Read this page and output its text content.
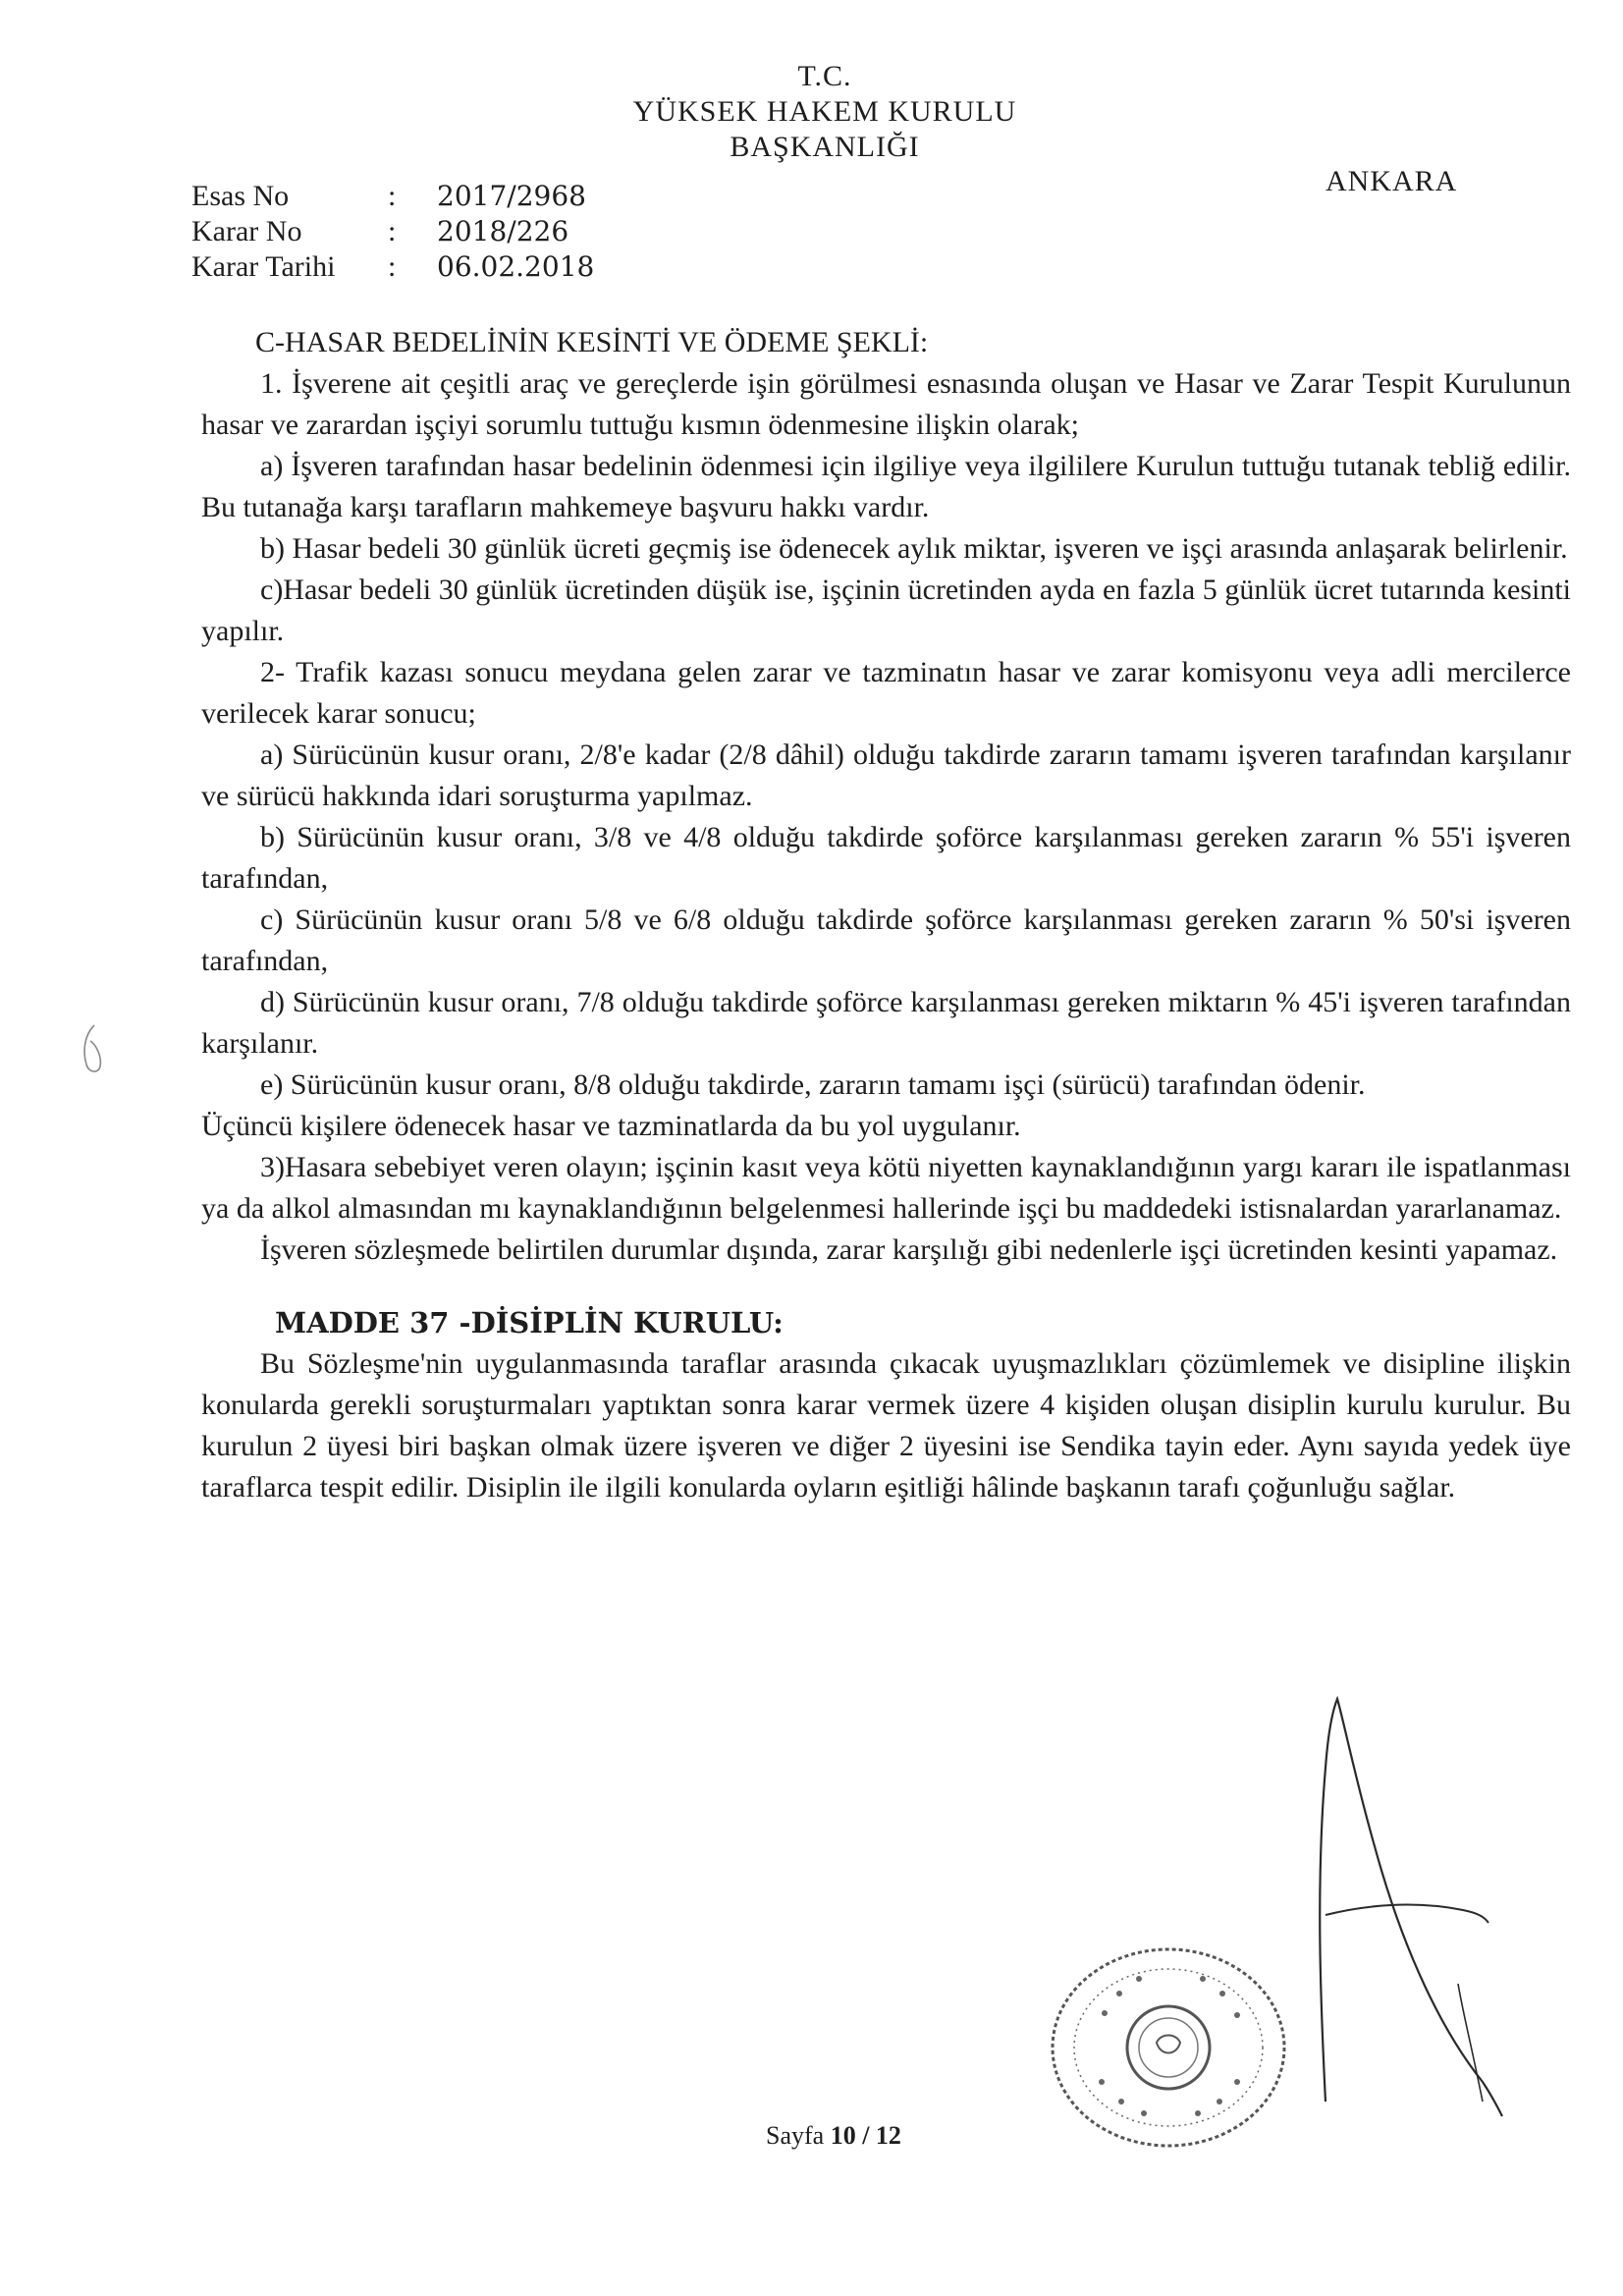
T.C.
YÜKSEK HAKEM KURULU
BAŞKANLIĞI
ANKARA
Esas No	:	2017/2968
Karar No	:	2018/226
Karar Tarihi	:	06.02.2018
C-HASAR BEDELİNİN KESİNTİ VE ÖDEME ŞEKLİ:

1. İşverene ait çeşitli araç ve gereçlerde işin görülmesi esnasında oluşan ve Hasar ve Zarar Tespit Kurulunun hasar ve zarardan işçiyi sorumlu tuttuğu kısmın ödenmesine ilişkin olarak;

a) İşveren tarafından hasar bedelinin ödenmesi için ilgiliye veya ilgililere Kurulun tuttuğu tutanak tebliğ edilir. Bu tutanağa karşı tarafların mahkemeye başvuru hakkı vardır.

b) Hasar bedeli 30 günlük ücreti geçmiş ise ödenecek aylık miktar, işveren ve işçi arasında anlaşarak belirlenir.

c)Hasar bedeli 30 günlük ücretinden düşük ise, işçinin ücretinden ayda en fazla 5 günlük ücret tutarında kesinti yapılır.

2- Trafik kazası sonucu meydana gelen zarar ve tazminatın hasar ve zarar komisyonu veya adli mercilerce verilecek karar sonucu;

a) Sürücünün kusur oranı, 2/8'e kadar (2/8 dâhil) olduğu takdirde zararın tamamı işveren tarafından karşılanır ve sürücü hakkında idari soruşturma yapılmaz.

b) Sürücünün kusur oranı, 3/8 ve 4/8 olduğu takdirde şoförce karşılanması gereken zararın % 55'i işveren tarafından,

c) Sürücünün kusur oranı 5/8 ve 6/8 olduğu takdirde şoförce karşılanması gereken zararın % 50'si işveren tarafından,

d) Sürücünün kusur oranı, 7/8 olduğu takdirde şoförce karşılanması gereken miktarın % 45'i işveren tarafından karşılanır.

e) Sürücünün kusur oranı, 8/8 olduğu takdirde, zararın tamamı işçi (sürücü) tarafından ödenir.

Üçüncü kişilere ödenecek hasar ve tazminatlarda da bu yol uygulanır.

3)Hasara sebebiyet veren olayın; işçinin kasıt veya kötü niyetten kaynaklandığının yargı kararı ile ispatlanması ya da alkol almasından mı kaynaklandığının belgelenmesi hallerinde işçi bu maddedeki istisnalardan yararlanamaz.

İşveren sözleşmede belirtilen durumlar dışında, zarar karşılığı gibi nedenlerle işçi ücretinden kesinti yapamaz.

MADDE 37 -DİSİPLİN KURULU:

Bu Sözleşme'nin uygulanmasında taraflar arasında çıkacak uyuşmazlıkları çözümlemek ve disipline ilişkin konularda gerekli soruşturmaları yaptıktan sonra karar vermek üzere 4 kişiden oluşan disiplin kurulu kurulur. Bu kurulun 2 üyesi biri başkan olmak üzere işveren ve diğer 2 üyesini ise Sendika tayin eder. Aynı sayıda yedek üye taraflarca tespit edilir. Disiplin ile ilgili konularda oyların eşitliği hâlinde başkanın tarafı çoğunluğu sağlar.

Sayfa 10 / 12
